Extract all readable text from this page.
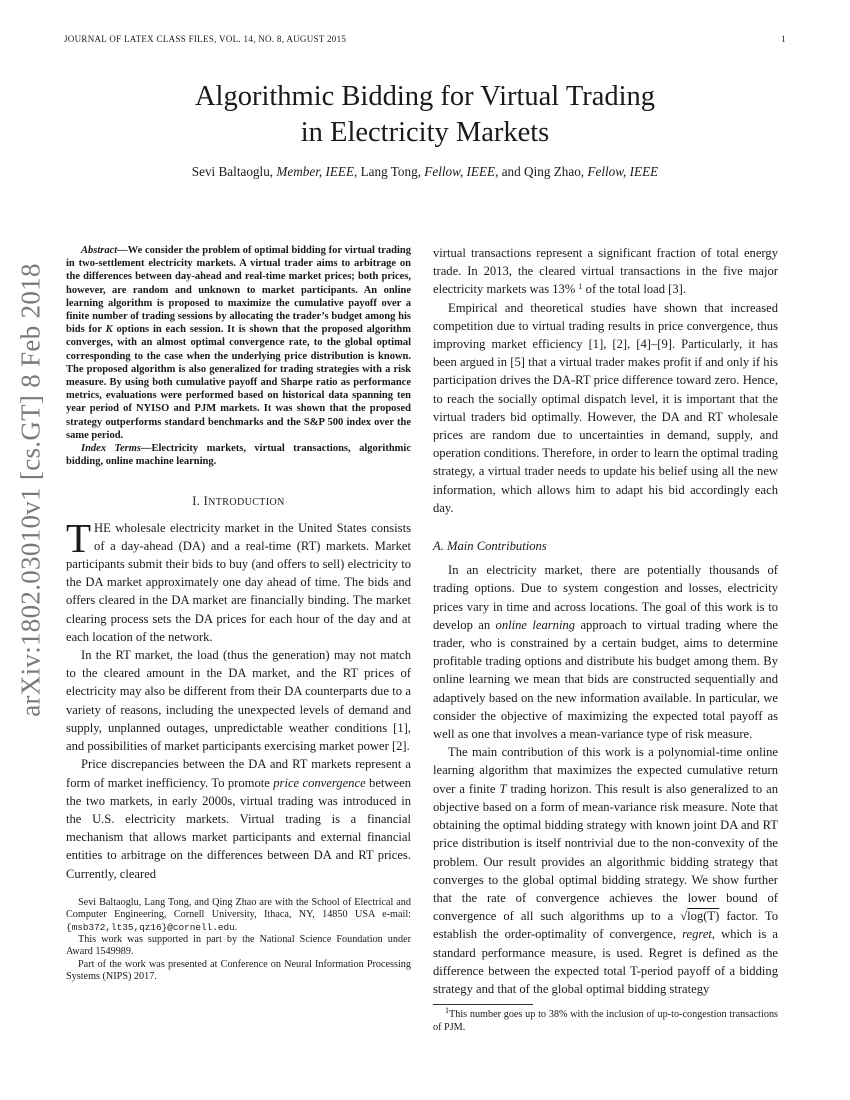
JOURNAL OF LATEX CLASS FILES, VOL. 14, NO. 8, AUGUST 2015	1
arXiv:1802.03010v1 [cs.GT] 8 Feb 2018
Algorithmic Bidding for Virtual Trading
in Electricity Markets
Sevi Baltaoglu, Member, IEEE, Lang Tong, Fellow, IEEE, and Qing Zhao, Fellow, IEEE

Abstract—We consider the problem of optimal bidding for virtual trading in two-settlement electricity markets. A virtual trader aims to arbitrage on the differences between day-ahead and real-time market prices; both prices, however, are random and unknown to market participants. An online learning algorithm is proposed to maximize the cumulative payoff over a finite number of trading sessions by allocating the trader’s budget among his bids for K options in each session. It is shown that the proposed algorithm converges, with an almost optimal convergence rate, to the global optimal corresponding to the case when the underlying price distribution is known. The proposed algorithm is also generalized for trading strategies with a risk measure. By using both cumulative payoff and Sharpe ratio as performance metrics, evaluations were performed based on historical data spanning ten year period of NYISO and PJM markets. It was shown that the proposed strategy outperforms standard benchmarks and the S&P 500 index over the same period.

Index Terms—Electricity markets, virtual transactions, algorithmic bidding, online machine learning.

I. INTRODUCTION

THE wholesale electricity market in the United States consists of a day-ahead (DA) and a real-time (RT) markets. Market participants submit their bids to buy (and offers to sell) electricity to the DA market approximately one day ahead of time. The bids and offers cleared in the DA market are financially binding. The market clearing process sets the DA prices for each hour of the day and at each location of the network.

In the RT market, the load (thus the generation) may not match to the cleared amount in the DA market, and the RT prices of electricity may also be different from their DA counterparts due to a variety of reasons, including the unexpected levels of demand and supply, unplanned outages, unpredictable weather conditions [1], and possibilities of market participants exercising market power [2].

Price discrepancies between the DA and RT markets represent a form of market inefficiency. To promote price convergence between the two markets, in early 2000s, virtual trading was introduced in the U.S. electricity markets. Virtual trading is a financial mechanism that allows market participants and external financial entities to arbitrage on the differences between DA and RT prices. Currently, cleared

Sevi Baltaoglu, Lang Tong, and Qing Zhao are with the School of Electrical and Computer Engineering, Cornell University, Ithaca, NY, 14850 USA e-mail: {msb372,lt35,qz16}@cornell.edu.

This work was supported in part by the National Science Foundation under Award 1549989.

Part of the work was presented at Conference on Neural Information Processing Systems (NIPS) 2017.

virtual transactions represent a significant fraction of total energy trade. In 2013, the cleared virtual transactions in the five major electricity markets was 13% $^1$ of the total load [3].

Empirical and theoretical studies have shown that increased competition due to virtual trading results in price convergence, thus improving market efficiency [1], [2], [4]–[9]. Particularly, it has been argued in [5] that a virtual trader makes profit if and only if his participation drives the DA-RT price difference toward zero. Hence, to reach the socially optimal dispatch level, it is important that the virtual traders bid optimally. However, the DA and RT wholesale prices are random due to uncertainties in demand, supply, and operation conditions. Therefore, in order to learn the optimal trading strategy, a virtual trader needs to update his belief using all the new information, which allows him to adapt his bid accordingly each day.

A. Main Contributions

In an electricity market, there are potentially thousands of trading options. Due to system congestion and losses, electricity prices vary in time and across locations. The goal of this work is to develop an online learning approach to virtual trading where the trader, who is constrained by a certain budget, aims to determine profitable trading options and distribute his budget among them. By online learning we mean that bids are constructed sequentially and adaptively based on the new information available. In particular, we consider the objective of maximizing the expected total payoff as well as one that involves a mean-variance type of risk measure.

The main contribution of this work is a polynomial-time online learning algorithm that maximizes the expected cumulative return over a finite T trading horizon. This result is also generalized to an objective based on a form of mean-variance risk measure. Note that obtaining the optimal bidding strategy with known joint DA and RT price distribution is itself nontrivial due to the non-convexity of the problem. Our result provides an algorithmic bidding strategy that converges to the global optimal bidding strategy. We show further that the rate of convergence achieves the lower bound of convergence of all such algorithms up to a √log(T) factor. To establish the order-optimality of convergence, regret, which is a standard performance measure, is used. Regret is defined as the difference between the expected total T-period payoff of a bidding strategy and that of the global optimal bidding strategy

$^1$This number goes up to 38% with the inclusion of up-to-congestion transactions of PJM.
